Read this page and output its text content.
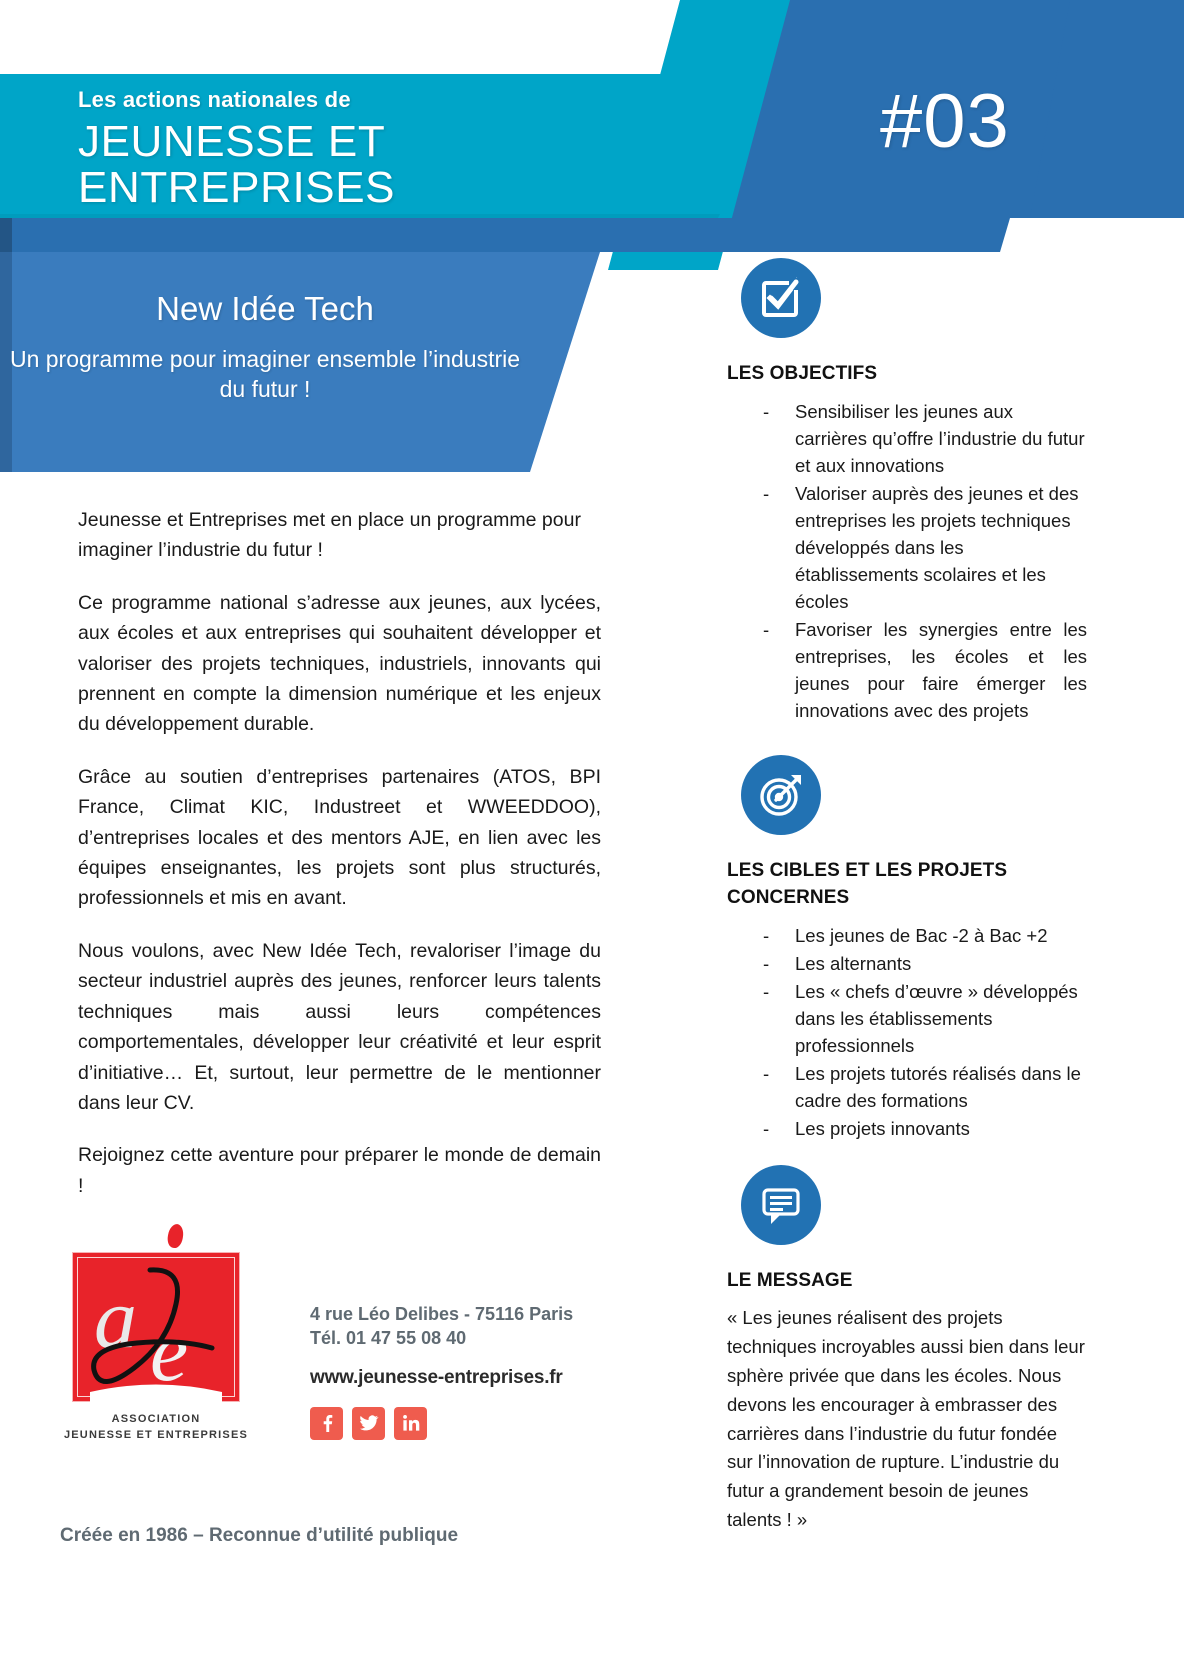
Les actions nationales de
JEUNESSE ET ENTREPRISES
#03
New Idée Tech
Un programme pour imaginer ensemble l’industrie du futur !

Jeunesse et Entreprises met en place un programme pour imaginer l’industrie du futur !

Ce programme national s’adresse aux jeunes, aux lycées, aux écoles et aux entreprises qui souhaitent développer et valoriser des projets techniques, industriels, innovants qui prennent en compte la dimension numérique et les enjeux du développement durable.

Grâce au soutien d’entreprises partenaires (ATOS, BPI France, Climat KIC, Industreet et WWEEDDOO), d’entreprises locales et des mentors AJE, en lien avec les équipes enseignantes, les projets sont plus structurés, professionnels et mis en avant.

Nous voulons, avec New Idée Tech, revaloriser l’image du secteur industriel auprès des jeunes, renforcer leurs talents techniques mais aussi leurs compétences comportementales, développer leur créativité et leur esprit d’initiative… Et, surtout, leur permettre de le mentionner dans leur CV.

Rejoignez cette aventure pour préparer le monde de demain !

LES OBJECTIFS
- Sensibiliser les jeunes aux carrières qu’offre l’industrie du futur et aux innovations
- Valoriser auprès des jeunes et des entreprises les projets techniques développés dans les établissements scolaires et les écoles
- Favoriser les synergies entre les entreprises, les écoles et les jeunes pour faire émerger les innovations avec des projets
LES CIBLES ET LES PROJETS CONCERNES
- Les jeunes de Bac -2 à Bac +2
- Les alternants
- Les « chefs d’œuvre » développés dans les établissements professionnels
- Les projets tutorés réalisés dans le cadre des formations
- Les projets innovants
LE MESSAGE

« Les jeunes réalisent des projets techniques incroyables aussi bien dans leur sphère privée que dans les écoles. Nous devons les encourager à embrasser des carrières dans l’industrie du futur fondée sur l’innovation de rupture. L’industrie du futur a grandement besoin de jeunes talents ! »

a e
ASSOCIATION
JEUNESSE ET ENTREPRISES
4 rue Léo Delibes - 75116 Paris
Tél. 01 47 55 08 40
www.jeunesse-entreprises.fr
Créée en 1986 – Reconnue d’utilité publique
